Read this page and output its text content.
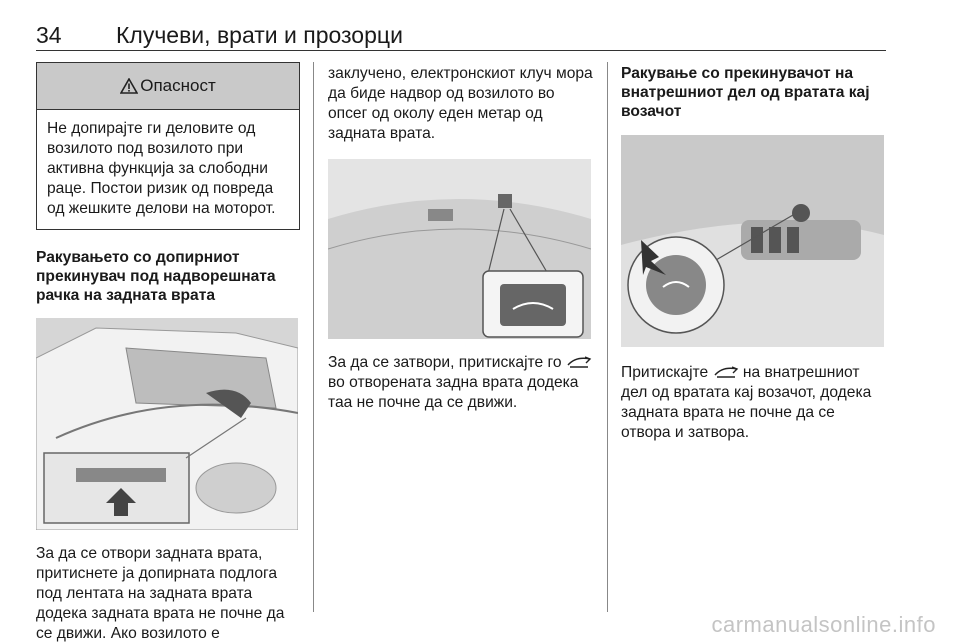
34 Клучеви, врати и прозорци
Опасност
Не допирајте ги деловите од возилото под возилото при активна функција за слободни раце. Постои ризик од повреда од жешките делови на моторот.
Ракувањето со допирниот прекинувач под надворешната рачка на задната врата

За да се отвори задната врата, притиснете ја допирната подлога под лентата на задната врата додека задната врата не почне да се движи. Ако возилото е

заклучено, електронскиот клуч мора да биде надвор од возилото во опсег од околу еден метар од задната врата.

За да се затвори, притискајте го  во отворената задна врата додека таа не почне да се движи.

Ракување со прекинувачот на внатрешниот дел од вратата кај возачот

Притискајте на внатрешниот дел од вратата кај возачот, додека задната врата не почне да се отвора и затвора.

carmanualsonline.info
